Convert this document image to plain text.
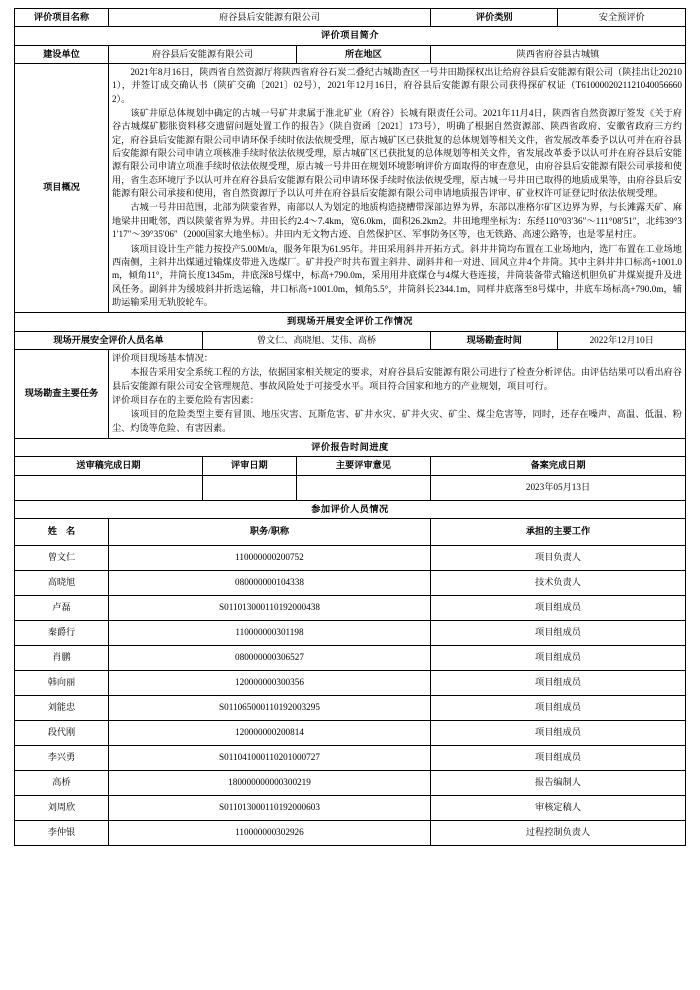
评价项目名称	府谷县后安能源有限公司			评价类别	安全预评价
评价项目简介					
建设单位	府谷县后安能源有限公司		所在地区	陕西省府谷县古城镇	
项目概况	2021年8月16日，陕西省自然资源厅将陕西省府谷石炭二叠纪古城勘查区一号井田勘探权出让给府谷县后安能源有限公司（陕挂出让202101），并签订成交确认书（陕矿交确〔2021〕02号），2021年12月16日，府谷县后安能源有限公司获得探矿权证（T61000020211210400566602）。

该矿井原总体规划中确定的古城一号矿井隶属于淮北矿业（府谷）长城有限责任公司。2021年11月4日，陕西省自然资源厅签发《关于府谷古城煤矿膨胀资料移交遗留问题处置工作的报告》（陕自资函〔2021〕173号），明确了根据自然资源部、陕西省政府、安徽省政府三方约定，府谷县后安能源有限公司申请环保手续时依法依规受理，原古城矿区已获批复的总体规划等相关文件，省发展改革委予以认可并在府谷县后安能源有限公司申请立项核准手续时依法依规受理，原古城矿区已获批复的总体规划等相关文件，省发展改革委予以认可并在府谷县后安能源有限公司申请立项准手续时依法依规受理，原古城一号井田在规划环境影响评价方面取得的审查意见，由府谷县后安能源有限公司承接和使用，省生态环境厅予以认可并在府谷县后安能源有限公司申请环保手续时依法依规受理，原古城一号井田已取得的地质成果等，由府谷县后安能源有限公司承接和使用，省自然资源厅予以认可并在府谷县后安能源有限公司申请地质报告评审、矿业权许可证登记时依法依规受理。

古城一号井田范围，北部为陕蒙省界，南部以人为划定的地质构造挠槽带深部边界为界，东部以准格尔矿区边界为界，与长滩露天矿、麻地梁井田毗邻，西以陕蒙省界为界。井田长约2.4～7.4km，宽6.0km，面积26.2km2。井田地理坐标为：东经110°03′36″～111°08′51″，北纬39°31′17″～39°35′06″（2000国家大地坐标）。井田内无文物古迹、自然保护区、军事防务区等，也无铁路、高速公路等，也是零星村庄。

该项目设计生产能力按投产5.00Mt/a，服务年限为61.95年。井田采用斜井开拓方式。斜井井筒均布置在工业场地内，选厂布置在工业场地西南侧，主斜井出煤通过输煤皮带进入选煤厂。矿井投产时共布置主斜井、副斜井和一对进、回风立井4个井筒。其中主斜井井口标高+1001.0m，倾角11°，井筒长度1345m，井底深8号煤中，标高+790.0m，采用用井底煤仓与4煤大巷连接，井筒装备带式输送机胆负矿井煤炭提升及进风任务。副斜井为缓坡斜井折迭运输，井口标高+1001.0m，倾角5.5°，井筒斜长2344.1m，同样井底落至8号煤中，井底车场标高+790.0m，辅助运输采用无轨胶轮车。				

到现场开展安全评价工作情况					
现场开展安全评价人员名单		曾文仁、高晓旭、艾伟、高桥		现场勘查时间	2022年12月10日
现场勘查主要任务	评价项目现场基本情况：

本报告采用安全系统工程的方法，依据国家相关规定的要求，对府谷县后安能源有限公司进行了检查分析评估。由评估结果可以看出府谷县后安能源有限公司安全管理规范、事故风险处于可接受水平。项目符合国家和地方的产业规划，项目可行。

评价项目存在的主要危险有害因素：

该项目的危险类型主要有冒顶、地压灾害、瓦斯危害、矿井水灾、矿井火灾、矿尘、煤尘危害等，同时，还存在噪声、高温、低温、粉尘、灼烫等危险、有害因素。				

评价报告时间进度					
送审稿完成日期		评审日期	主要评审意见	备案完成日期	
				2023年05月13日	
参加评价人员情况					
姓　名	职务/职称			承担的主要工作	
曾文仁	110000000200752			项目负责人	
高晓旭	080000000104338			技术负责人	
卢磊	S011013000110192000438			项目组成员	
秦爵行	110000000301198			项目组成员	
肖鹏	080000000306527			项目组成员	
韩向丽	120000000300356			项目组成员	
刘能忠	S011065000110192003295			项目组成员	
段代刚	120000000200814			项目组成员	
李兴勇	S011041000110201000727			项目组成员	
高桥	180000000000300219			报告编制人	
刘周欣	S011013000110192000603			审核定稿人	
李仲银	110000000302926			过程控制负责人	
